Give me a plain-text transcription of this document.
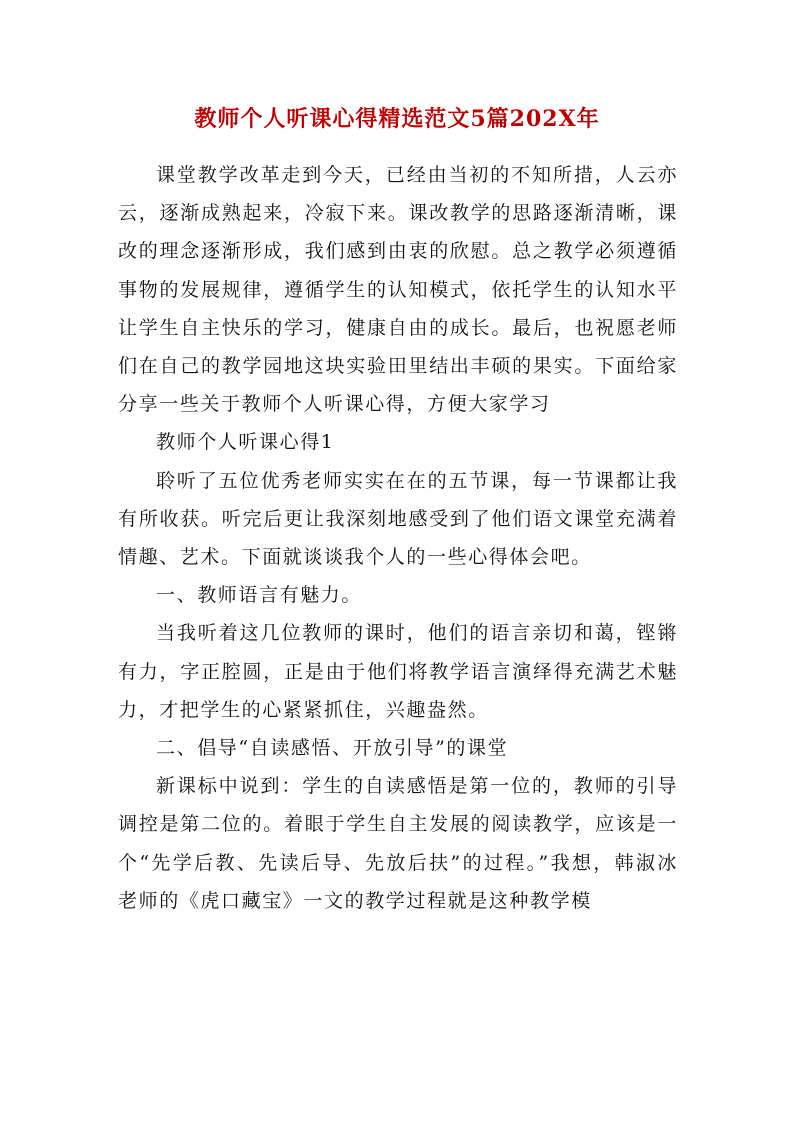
教师个人听课心得精选范文5篇202X年

课堂教学改革走到今天，已经由当初的不知所措，人云亦云，逐渐成熟起来，冷寂下来。课改教学的思路逐渐清晰，课改的理念逐渐形成，我们感到由衷的欣慰。总之教学必须遵循事物的发展规律，遵循学生的认知模式，依托学生的认知水平让学生自主快乐的学习，健康自由的成长。最后，也祝愿老师们在自己的教学园地这块实验田里结出丰硕的果实。下面给家分享一些关于教师个人听课心得，方便大家学习

教师个人听课心得1

聆听了五位优秀老师实实在在的五节课，每一节课都让我有所收获。听完后更让我深刻地感受到了他们语文课堂充满着情趣、艺术。下面就谈谈我个人的一些心得体会吧。

一、教师语言有魅力。

当我听着这几位教师的课时，他们的语言亲切和蔼，铿锵有力，字正腔圆，正是由于他们将教学语言演绎得充满艺术魅力，才把学生的心紧紧抓住，兴趣盎然。

二、倡导“自读感悟、开放引导”的课堂

新课标中说到：学生的自读感悟是第一位的，教师的引导调控是第二位的。着眼于学生自主发展的阅读教学，应该是一个“先学后教、先读后导、先放后扶”的过程。”我想，韩淑冰老师的《虎口藏宝》一文的教学过程就是这种教学模
